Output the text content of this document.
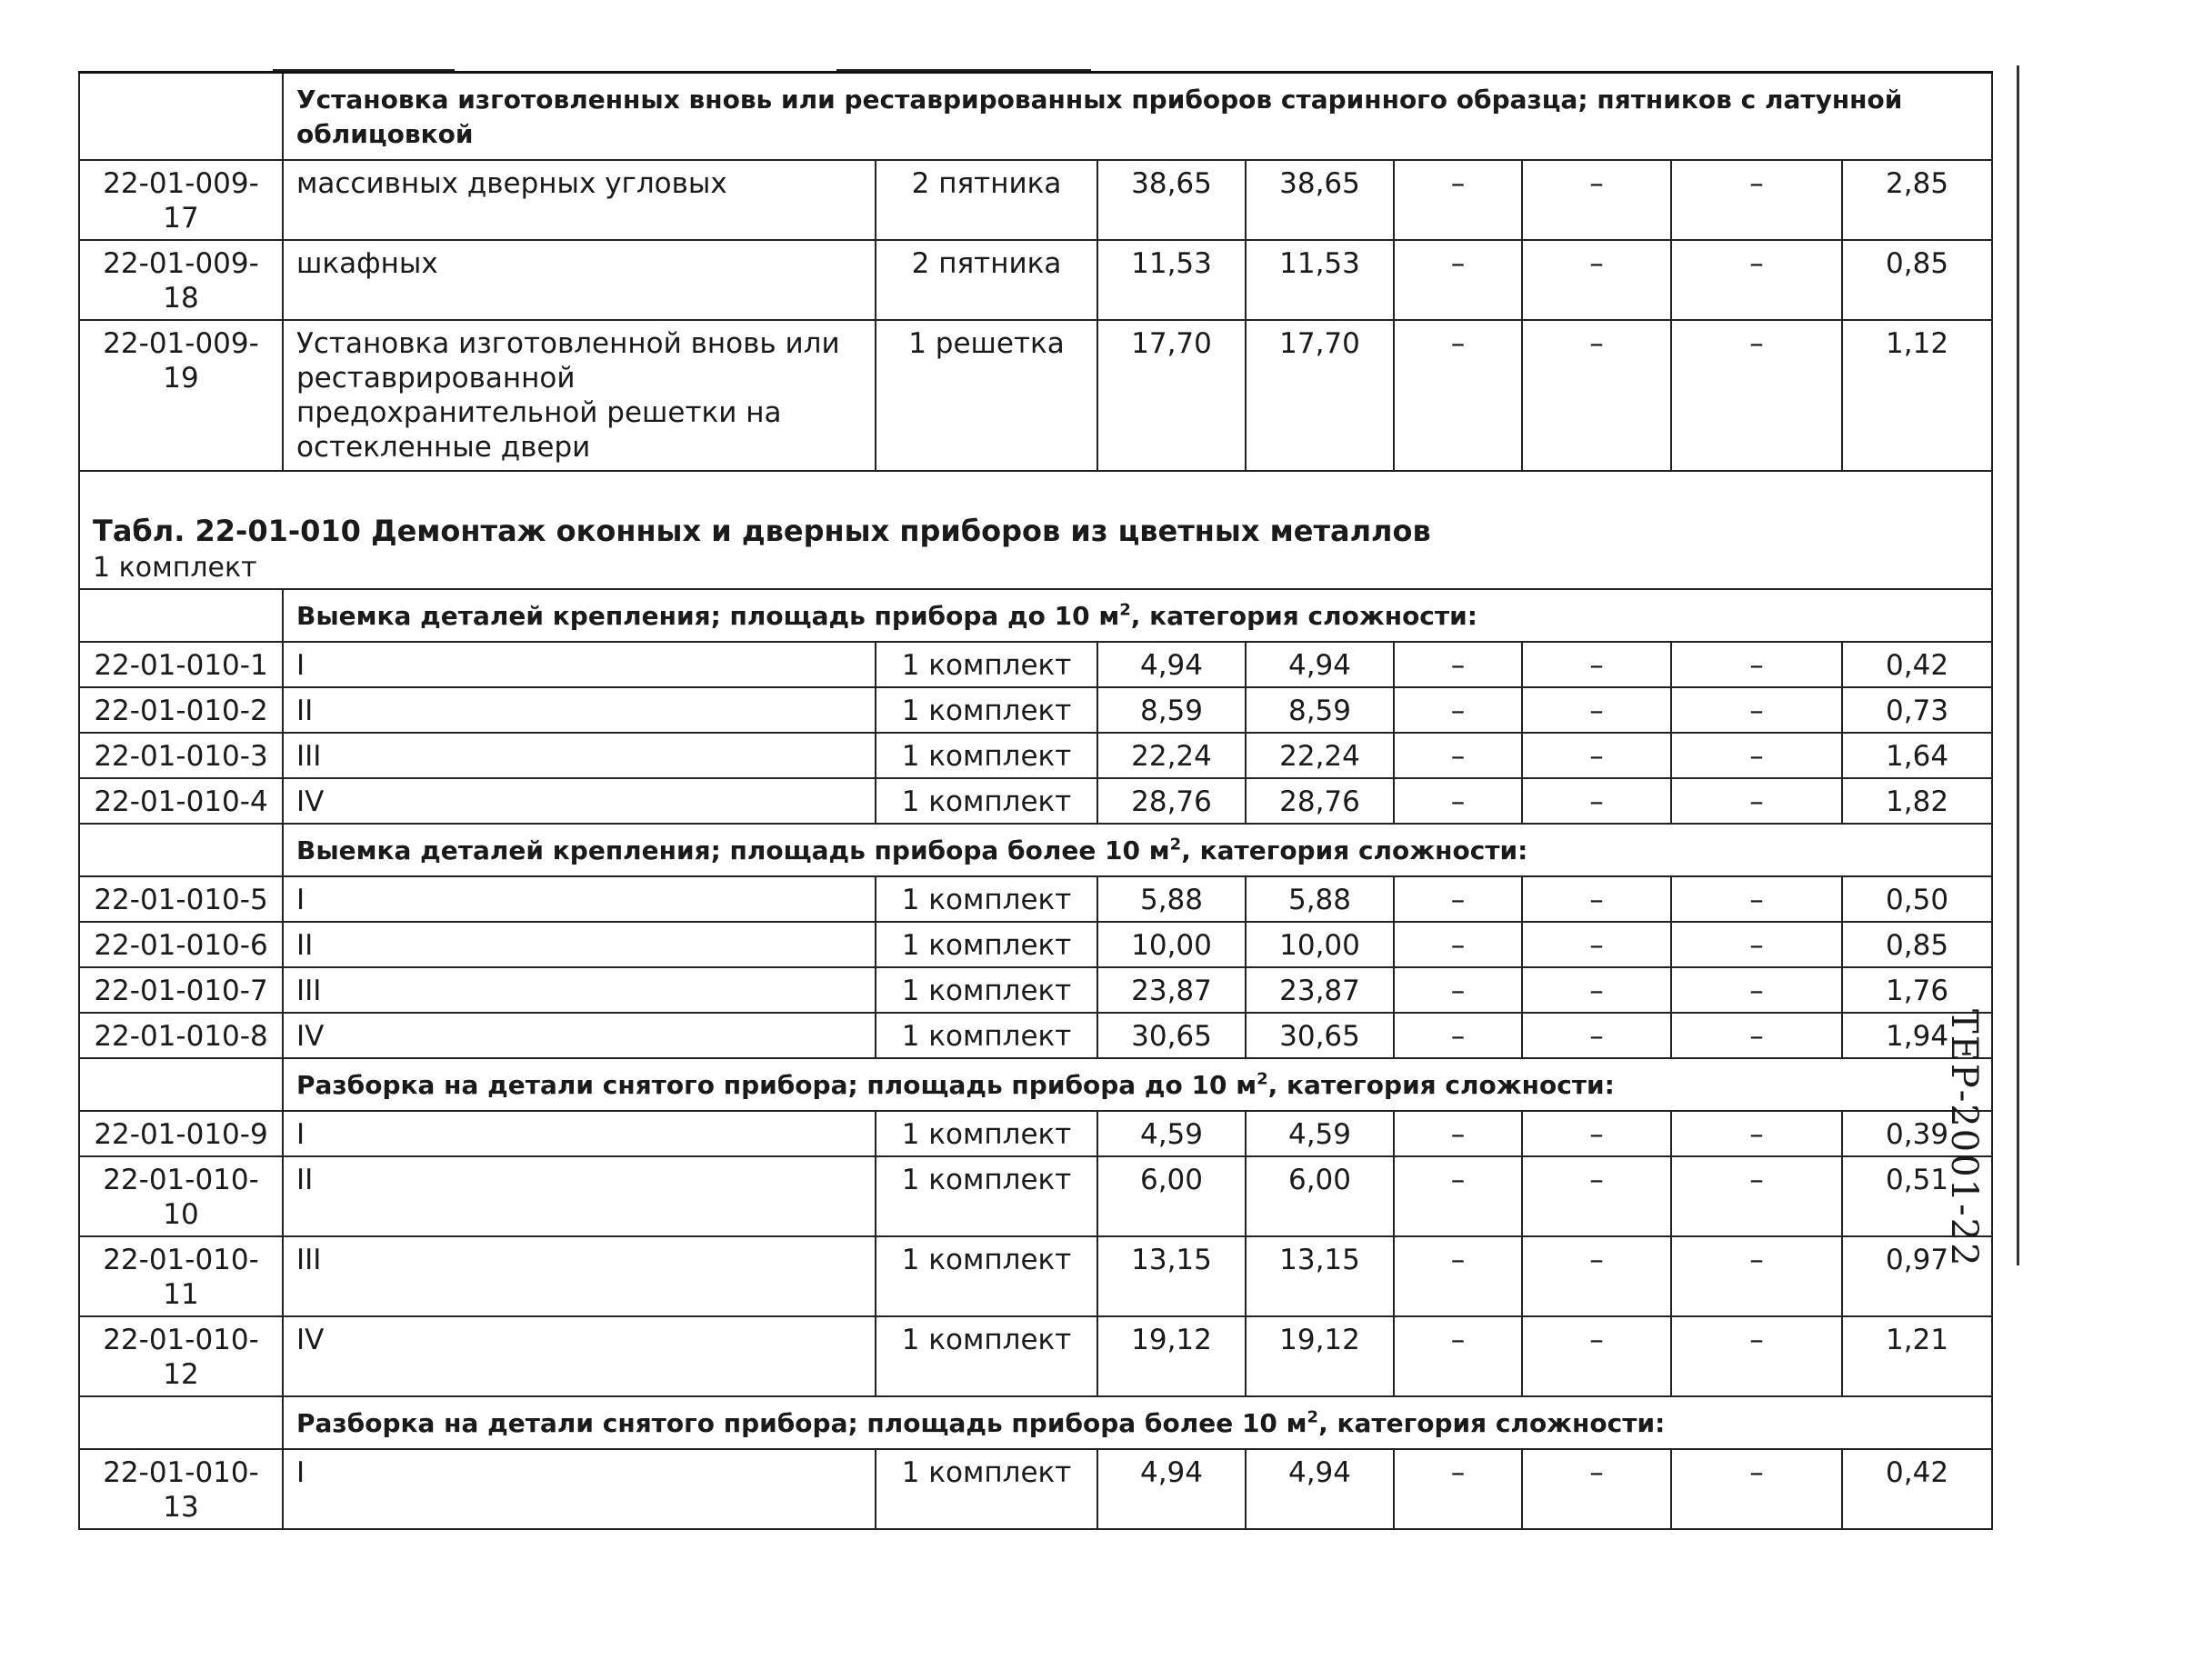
	Установка изготовленных вновь или реставрированных приборов старинного образца; пятников с латунной облицовкой							
22-01-009-17	массивных дверных угловых	2 пятника	38,65	38,65	–	–	–	2,85
22-01-009-18	шкафных	2 пятника	11,53	11,53	–	–	–	0,85
22-01-009-19	Установка изготовленной вновь или реставрированной предохранительной решетки на остекленные двери	1 решетка	17,70	17,70	–	–	–	1,12

Табл. 22-01-010 Демонтаж оконных и дверных приборов из цветных металлов
1 комплект								

	Выемка деталей крепления; площадь прибора до 10 $м^2$, категория сложности:							
22-01-010-1	I	1 комплект	4,94	4,94	–	–	–	0,42
22-01-010-2	II	1 комплект	8,59	8,59	–	–	–	0,73
22-01-010-3	III	1 комплект	22,24	22,24	–	–	–	1,64
22-01-010-4	IV	1 комплект	28,76	28,76	–	–	–	1,82
	Выемка деталей крепления; площадь прибора более 10 $м^2$, категория сложности:							
22-01-010-5	I	1 комплект	5,88	5,88	–	–	–	0,50
22-01-010-6	II	1 комплект	10,00	10,00	–	–	–	0,85
22-01-010-7	III	1 комплект	23,87	23,87	–	–	–	1,76
22-01-010-8	IV	1 комплект	30,65	30,65	–	–	–	1,94
	Разборка на детали снятого прибора; площадь прибора до 10 $м^2$, категория сложности:							
22-01-010-9	I	1 комплект	4,59	4,59	–	–	–	0,39
22-01-010-10	II	1 комплект	6,00	6,00	–	–	–	0,51
22-01-010-11	III	1 комплект	13,15	13,15	–	–	–	0,97
22-01-010-12	IV	1 комплект	19,12	19,12	–	–	–	1,21
	Разборка на детали снятого прибора; площадь прибора более 10 $м^2$, категория сложности:							
22-01-010-13	I	1 комплект	4,94	4,94	–	–	–	0,42
ТЕР-2001-22
